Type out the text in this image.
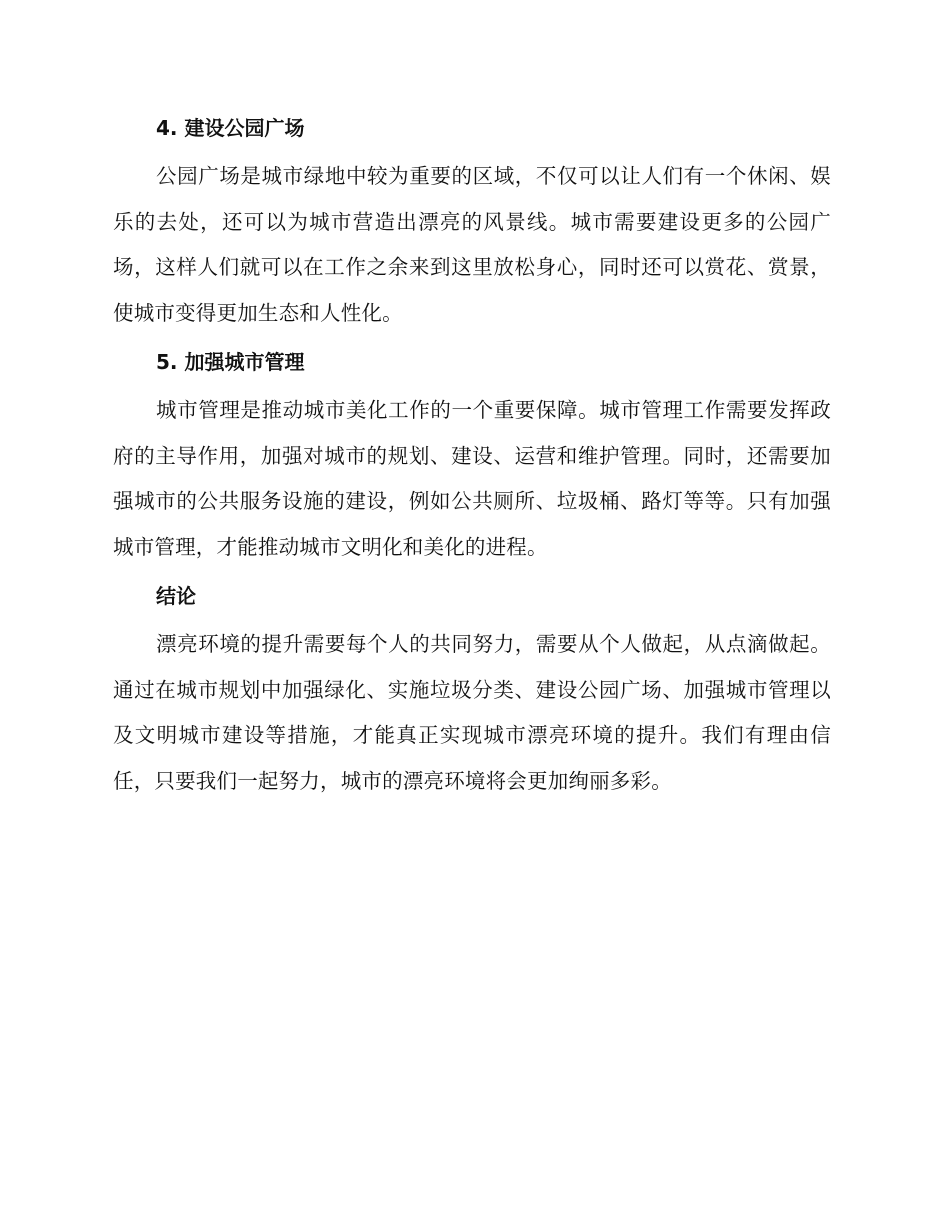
4. 建设公园广场

公园广场是城市绿地中较为重要的区域，不仅可以让人们有一个休闲、娱乐的去处，还可以为城市营造出漂亮的风景线。城市需要建设更多的公园广场，这样人们就可以在工作之余来到这里放松身心，同时还可以赏花、赏景，使城市变得更加生态和人性化。

5. 加强城市管理

城市管理是推动城市美化工作的一个重要保障。城市管理工作需要发挥政府的主导作用，加强对城市的规划、建设、运营和维护管理。同时，还需要加强城市的公共服务设施的建设，例如公共厕所、垃圾桶、路灯等等。只有加强城市管理，才能推动城市文明化和美化的进程。

结论

漂亮环境的提升需要每个人的共同努力，需要从个人做起，从点滴做起。通过在城市规划中加强绿化、实施垃圾分类、建设公园广场、加强城市管理以及文明城市建设等措施，才能真正实现城市漂亮环境的提升。我们有理由信任，只要我们一起努力，城市的漂亮环境将会更加绚丽多彩。
